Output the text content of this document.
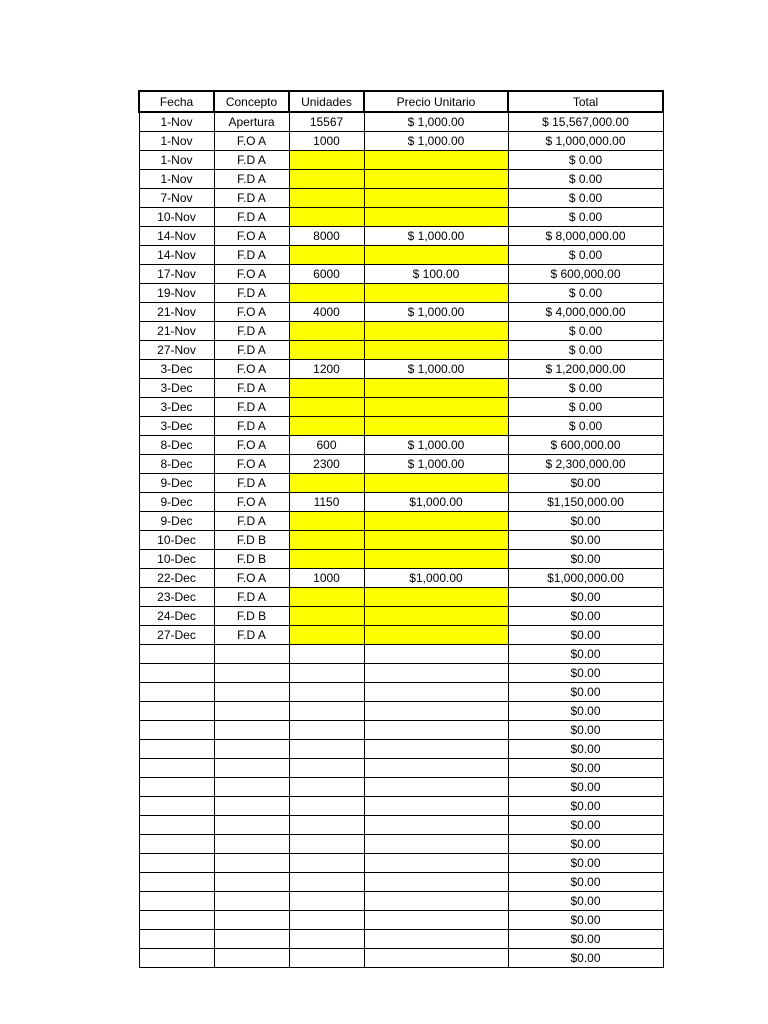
Fecha	Concepto	Unidades	Precio Unitario	Total
1-Nov	Apertura	15567	$ 1,000.00	$ 15,567,000.00
1-Nov	F.O A	1000	$ 1,000.00	$ 1,000,000.00
1-Nov	F.D A			$ 0.00
1-Nov	F.D A			$ 0.00
7-Nov	F.D A			$ 0.00
10-Nov	F.D A			$ 0.00
14-Nov	F.O A	8000	$ 1,000.00	$ 8,000,000.00
14-Nov	F.D A			$ 0.00
17-Nov	F.O A	6000	$ 100.00	$ 600,000.00
19-Nov	F.D A			$ 0.00
21-Nov	F.O A	4000	$ 1,000.00	$ 4,000,000.00
21-Nov	F.D A			$ 0.00
27-Nov	F.D A			$ 0.00
3-Dec	F.O A	1200	$ 1,000.00	$ 1,200,000.00
3-Dec	F.D A			$ 0.00
3-Dec	F.D A			$ 0.00
3-Dec	F.D A			$ 0.00
8-Dec	F.O A	600	$ 1,000.00	$ 600,000.00
8-Dec	F.O A	2300	$ 1,000.00	$ 2,300,000.00
9-Dec	F.D A			$0.00
9-Dec	F.O A	1150	$1,000.00	$1,150,000.00
9-Dec	F.D A			$0.00
10-Dec	F.D B			$0.00
10-Dec	F.D B			$0.00
22-Dec	F.O A	1000	$1,000.00	$1,000,000.00
23-Dec	F.D A			$0.00
24-Dec	F.D B			$0.00
27-Dec	F.D A			$0.00
				$0.00
				$0.00
				$0.00
				$0.00
				$0.00
				$0.00
				$0.00
				$0.00
				$0.00
				$0.00
				$0.00
				$0.00
				$0.00
				$0.00
				$0.00
				$0.00
				$0.00
